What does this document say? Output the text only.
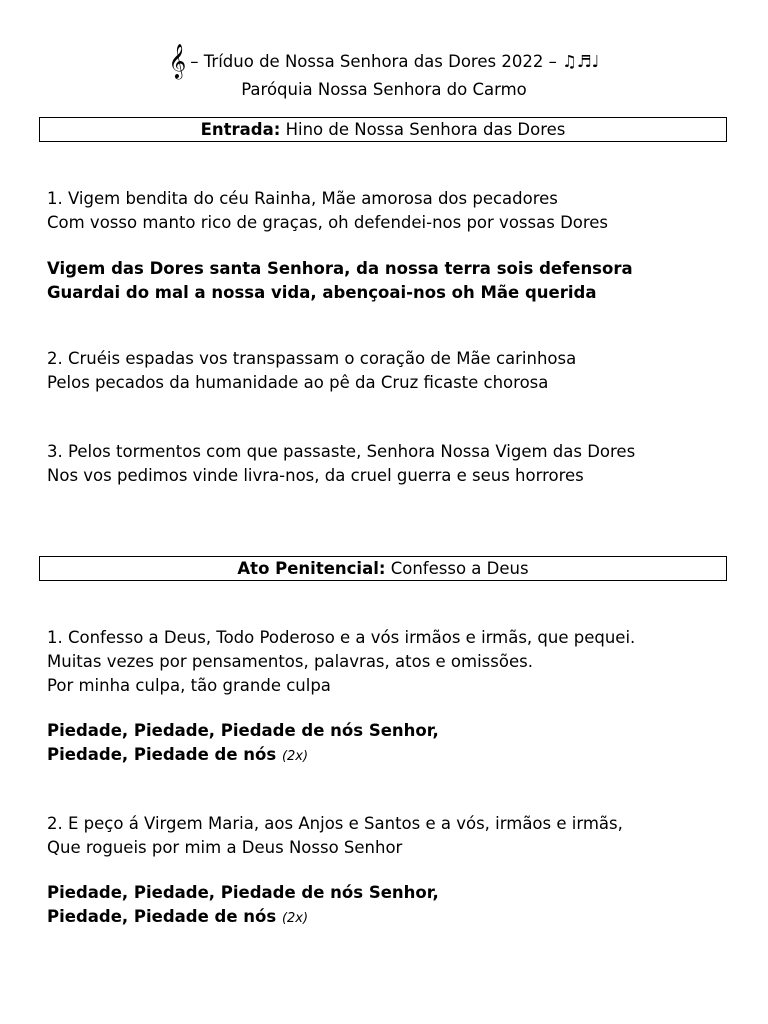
𝄞 – Tríduo de Nossa Senhora das Dores 2022 – ♫♬♩
Paróquia Nossa Senhora do Carmo
Entrada: Hino de Nossa Senhora das Dores
1. Vigem bendita do céu Rainha, Mãe amorosa dos pecadores
Com vosso manto rico de graças, oh defendei-nos por vossas Dores
Vigem das Dores santa Senhora, da nossa terra sois defensora
Guardai do mal a nossa vida, abençoai-nos oh Mãe querida
2. Cruéis espadas vos transpassam o coração de Mãe carinhosa
Pelos pecados da humanidade ao pê da Cruz ficaste chorosa
3. Pelos tormentos com que passaste, Senhora Nossa Vigem das Dores
Nos vos pedimos vinde livra-nos, da cruel guerra e seus horrores
Ato Penitencial: Confesso a Deus
1. Confesso a Deus, Todo Poderoso e a vós irmãos e irmãs, que pequei.
Muitas vezes por pensamentos, palavras, atos e omissões.
Por minha culpa, tão grande culpa
Piedade, Piedade, Piedade de nós Senhor,
Piedade, Piedade de nós (2x)
2. E peço á Virgem Maria, aos Anjos e Santos e a vós, irmãos e irmãs,
Que rogueis por mim a Deus Nosso Senhor
Piedade, Piedade, Piedade de nós Senhor,
Piedade, Piedade de nós (2x)
